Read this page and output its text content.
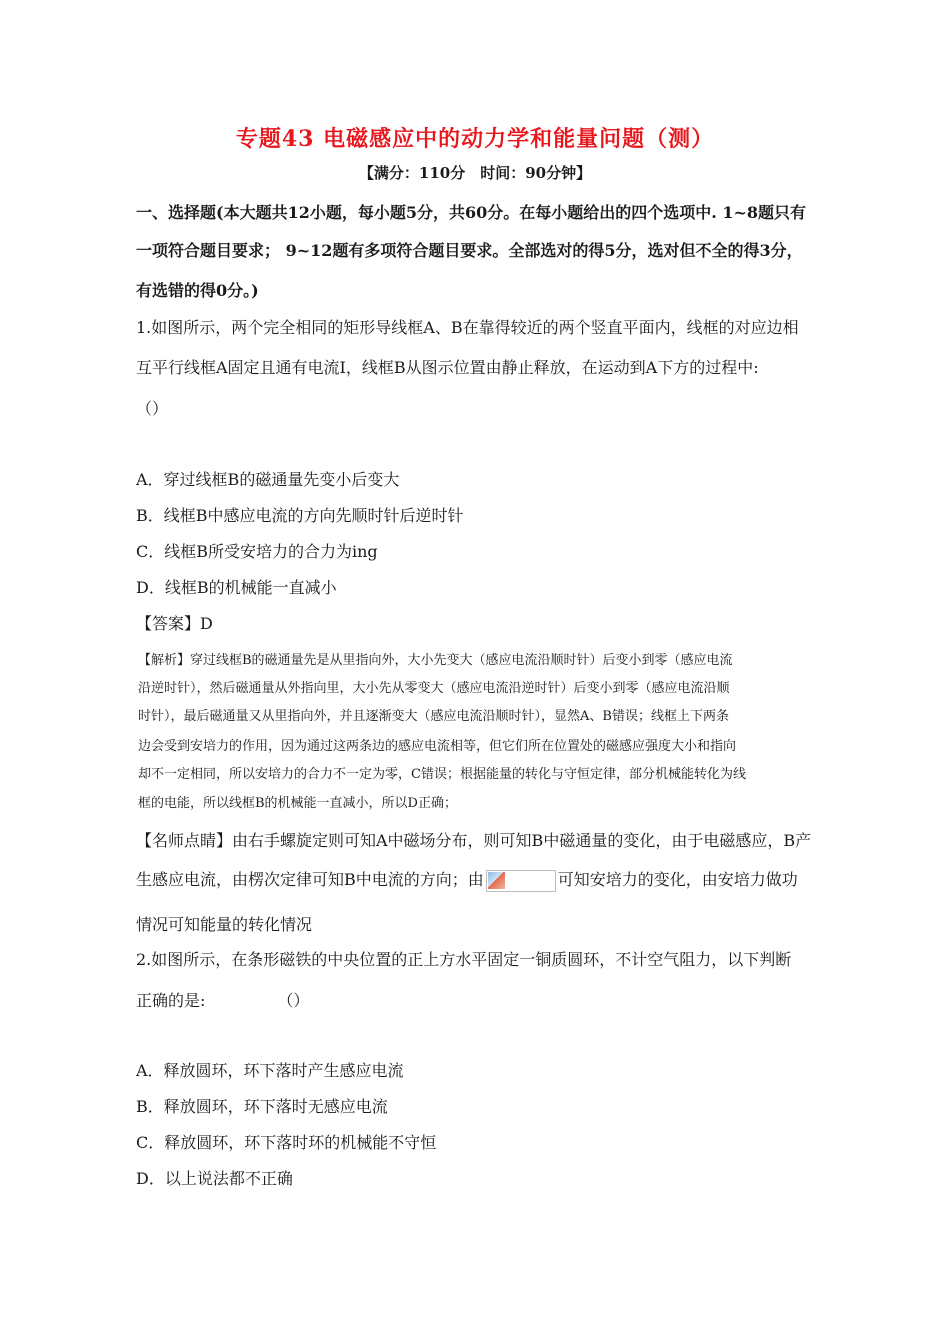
专题43 电磁感应中的动力学和能量问题（测）
【满分：110分　时间：90分钟】
一、选择题(本大题共12小题，每小题5分，共60分。在每小题给出的四个选项中. 1~8题只有
一项符合题目要求； 9~12题有多项符合题目要求。全部选对的得5分，选对但不全的得3分，
有选错的得0分。)
1.如图所示，两个完全相同的矩形导线框A、B在靠得较近的两个竖直平面内，线框的对应边相
互平行线框A固定且通有电流I，线框B从图示位置由静止释放，在运动到A下方的过程中:
（）
A．穿过线框B的磁通量先变小后变大
B．线框B中感应电流的方向先顺时针后逆时针
C．线框B所受安培力的合力为ing
D．线框B的机械能一直减小
【答案】D
【解析】穿过线框B的磁通量先是从里指向外，大小先变大（感应电流沿顺时针）后变小到零（感应电流
沿逆时针），然后磁通量从外指向里，大小先从零变大（感应电流沿逆时针）后变小到零（感应电流沿顺
时针），最后磁通量又从里指向外，并且逐渐变大（感应电流沿顺时针），显然A、B错误；线框上下两条
边会受到安培力的作用，因为通过这两条边的感应电流相等，但它们所在位置处的磁感应强度大小和指向
却不一定相同，所以安培力的合力不一定为零，C错误；根据能量的转化与守恒定律，部分机械能转化为线
框的电能，所以线框B的机械能一直减小，所以D正确；
【名师点睛】由右手螺旋定则可知A中磁场分布，则可知B中磁通量的变化，由于电磁感应，B产
生感应电流，由楞次定律可知B中电流的方向；由	可知安培力的变化，由安培力做功
情况可知能量的转化情况
2.如图所示，在条形磁铁的中央位置的正上方水平固定一铜质圆环，不计空气阻力，以下判断
正确的是:　　　　　（）
A．释放圆环，环下落时产生感应电流
B．释放圆环，环下落时无感应电流
C．释放圆环，环下落时环的机械能不守恒
D．以上说法都不正确
